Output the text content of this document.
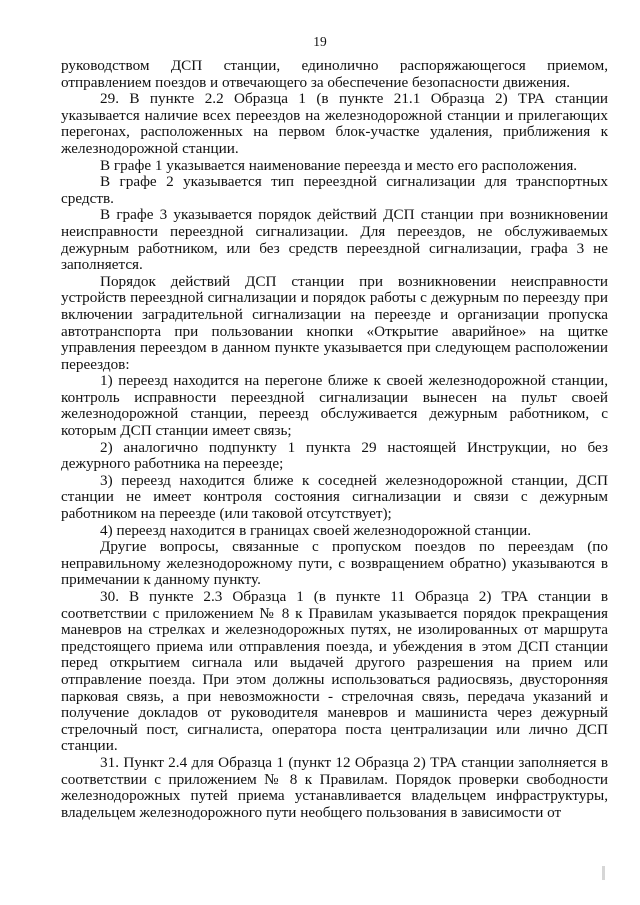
19

руководством ДСП станции, единолично распоряжающегося приемом, отправлением поездов и отвечающего за обеспечение безопасности движения.

29. В пункте 2.2 Образца 1 (в пункте 21.1 Образца 2) ТРА станции указывается наличие всех переездов на железнодорожной станции и прилегающих перегонах, расположенных на первом блок-участке удаления, приближения к железнодорожной станции.

В графе 1 указывается наименование переезда и место его расположения.

В графе 2 указывается тип переездной сигнализации для транспортных средств.

В графе 3 указывается порядок действий ДСП станции при возникновении неисправности переездной сигнализации. Для переездов, не обслуживаемых дежурным работником, или без средств переездной сигнализации, графа 3 не заполняется.

Порядок действий ДСП станции при возникновении неисправности устройств переездной сигнализации и порядок работы с дежурным по переезду при включении заградительной сигнализации на переезде и организации пропуска автотранспорта при пользовании кнопки «Открытие аварийное» на щитке управления переездом в данном пункте указывается при следующем расположении переездов:

1) переезд находится на перегоне ближе к своей железнодорожной станции, контроль исправности переездной сигнализации вынесен на пульт своей железнодорожной станции, переезд обслуживается дежурным работником, с которым ДСП станции имеет связь;

2) аналогично подпункту 1 пункта 29 настоящей Инструкции, но без дежурного работника на переезде;

3) переезд находится ближе к соседней железнодорожной станции, ДСП станции не имеет контроля состояния сигнализации и связи с дежурным работником на переезде (или таковой отсутствует);

4) переезд находится в границах своей железнодорожной станции.

Другие вопросы, связанные с пропуском поездов по переездам (по неправильному железнодорожному пути, с возвращением обратно) указываются в примечании к данному пункту.

30. В пункте 2.3 Образца 1 (в пункте 11 Образца 2) ТРА станции в соответствии с приложением № 8 к Правилам указывается порядок прекращения маневров на стрелках и железнодорожных путях, не изолированных от маршрута предстоящего приема или отправления поезда, и убеждения в этом ДСП станции перед открытием сигнала или выдачей другого разрешения на прием или отправление поезда. При этом должны использоваться радиосвязь, двусторонняя парковая связь, а при невозможности - стрелочная связь, передача указаний и получение докладов от руководителя маневров и машиниста через дежурный стрелочный пост, сигналиста, оператора поста централизации или лично ДСП станции.

31. Пункт 2.4 для Образца 1 (пункт 12 Образца 2) ТРА станции заполняется в соответствии с приложением № 8 к Правилам. Порядок проверки свободности железнодорожных путей приема устанавливается владельцем инфраструктуры, владельцем железнодорожного пути необщего пользования в зависимости от
